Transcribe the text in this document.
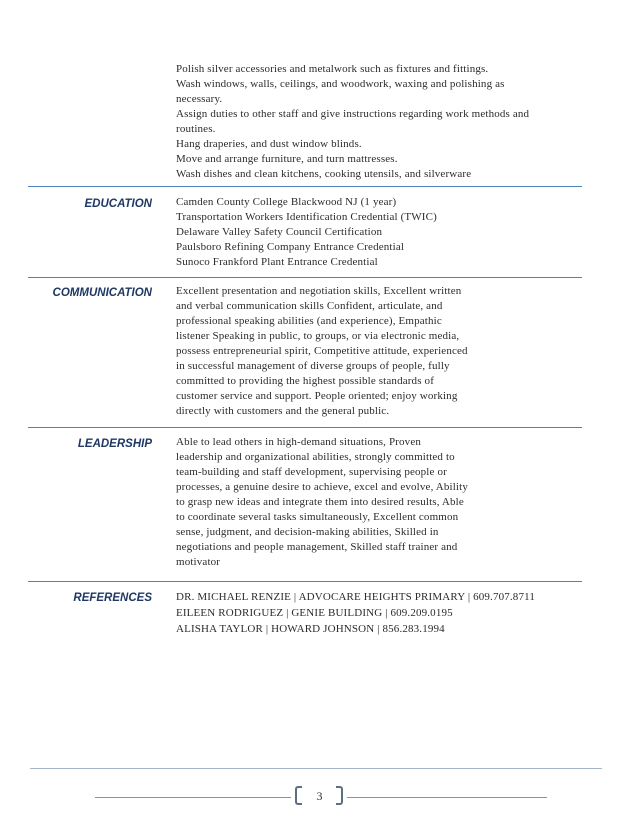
Polish silver accessories and metalwork such as fixtures and fittings.
Wash windows, walls, ceilings, and woodwork, waxing and polishing as
necessary.
Assign duties to other staff and give instructions regarding work methods and
routines.
Hang draperies, and dust window blinds.
Move and arrange furniture, and turn mattresses.
Wash dishes and clean kitchens, cooking utensils, and silverware
EDUCATION Camden County College Blackwood NJ (1 year)
Transportation Workers Identification Credential (TWIC)
Delaware Valley Safety Council Certification
Paulsboro Refining Company Entrance Credential
Sunoco Frankford Plant Entrance Credential
COMMUNICATION Excellent presentation and negotiation skills, Excellent written
and verbal communication skills Confident, articulate, and
professional speaking abilities (and experience), Empathic
listener Speaking in public, to groups, or via electronic media,
possess entrepreneurial spirit, Competitive attitude, experienced
in successful management of diverse groups of people, fully
committed to providing the highest possible standards of
customer service and support. People oriented; enjoy working
directly with customers and the general public.
LEADERSHIP Able to lead others in high-demand situations, Proven
leadership and organizational abilities, strongly committed to
team-building and staff development, supervising people or
processes, a genuine desire to achieve, excel and evolve, Ability
to grasp new ideas and integrate them into desired results, Able
to coordinate several tasks simultaneously, Excellent common
sense, judgment, and decision-making abilities, Skilled in
negotiations and people management, Skilled staff trainer and
motivator
REFERENCES DR. MICHAEL RENZIE | ADVOCARE HEIGHTS PRIMARY | 609.707.8711
EILEEN RODRIGUEZ | GENIE BUILDING | 609.209.0195
ALISHA TAYLOR | HOWARD JOHNSON | 856.283.1994
3
